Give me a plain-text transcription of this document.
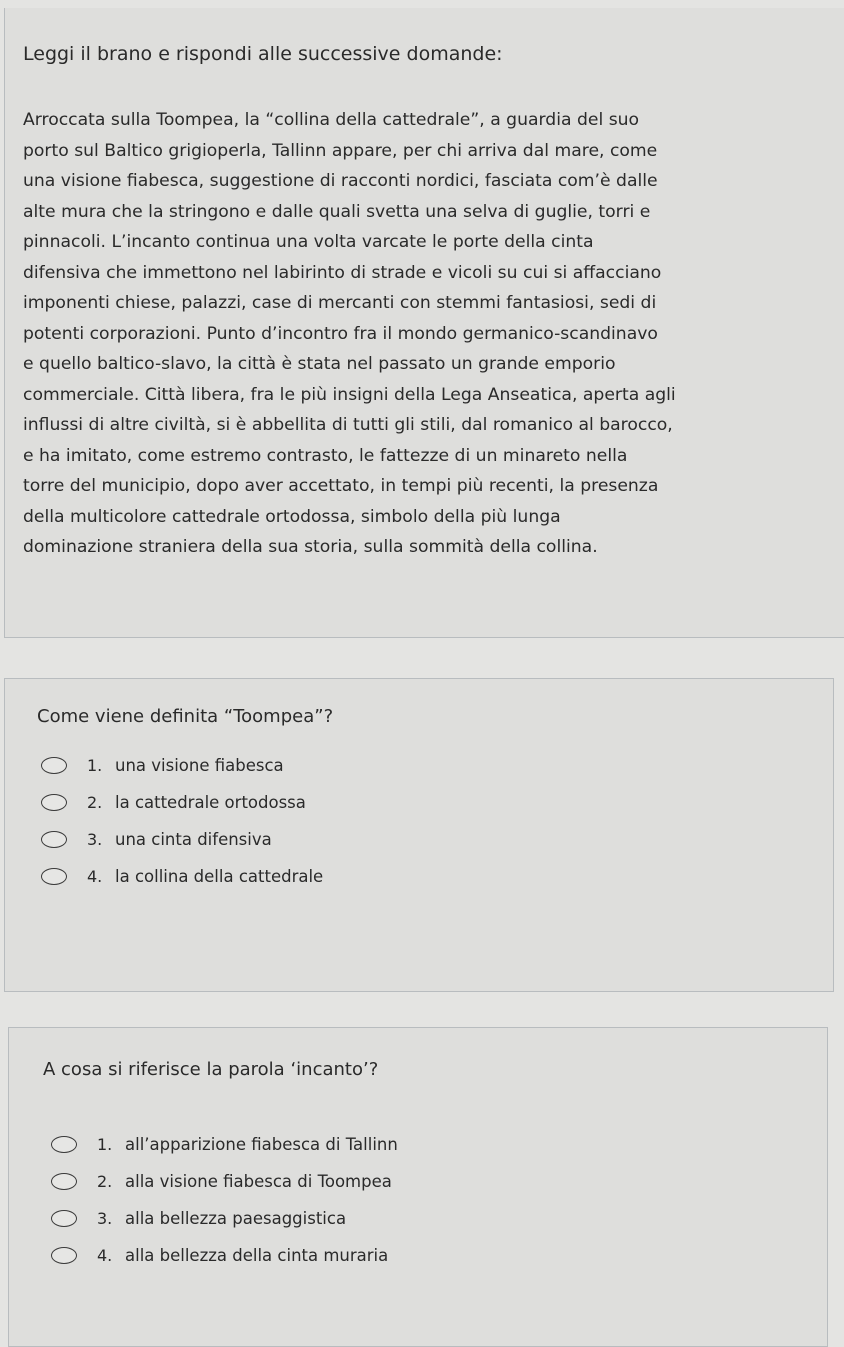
Leggi il brano e rispondi alle successive domande:

Arroccata sulla Toompea, la “collina della cattedrale”, a guardia del suo
porto sul Baltico grigioperla, Tallinn appare, per chi arriva dal mare, come
una visione fiabesca, suggestione di racconti nordici, fasciata com’è dalle
alte mura che la stringono e dalle quali svetta una selva di guglie, torri e
pinnacoli. L’incanto continua una volta varcate le porte della cinta
difensiva che immettono nel labirinto di strade e vicoli su cui si affacciano
imponenti chiese, palazzi, case di mercanti con stemmi fantasiosi, sedi di
potenti corporazioni. Punto d’incontro fra il mondo germanico-scandinavo
e quello baltico-slavo, la città è stata nel passato un grande emporio
commerciale. Città libera, fra le più insigni della Lega Anseatica, aperta agli
influssi di altre civiltà, si è abbellita di tutti gli stili, dal romanico al barocco,
e ha imitato, come estremo contrasto, le fattezze di un minareto nella
torre del municipio, dopo aver accettato, in tempi più recenti, la presenza
della multicolore cattedrale ortodossa, simbolo della più lunga
dominazione straniera della sua storia, sulla sommità della collina.

Come viene definita “Toompea”?

1. una visione fiabesca
2. la cattedrale ortodossa
3. una cinta difensiva
4. la collina della cattedrale

A cosa si riferisce la parola ‘incanto’?

1. all’apparizione fiabesca di Tallinn
2. alla visione fiabesca di Toompea
3. alla bellezza paesaggistica
4. alla bellezza della cinta muraria
